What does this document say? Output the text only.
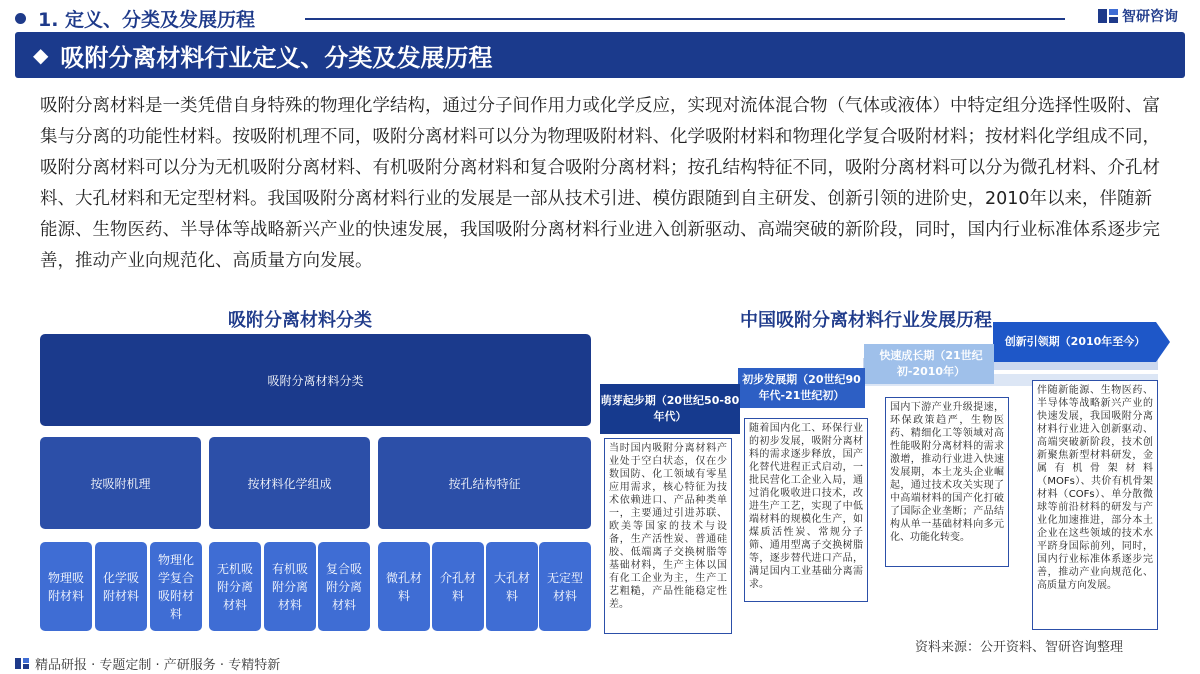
1. 定义、分类及发展历程	智研咨询
◆ 吸附分离材料行业定义、分类及发展历程
吸附分离材料是一类凭借自身特殊的物理化学结构，通过分子间作用力或化学反应，实现对流体混合物（气体或液体）中特定组分选择性吸附、富集与分离的功能性材料。按吸附机理不同，吸附分离材料可以分为物理吸附材料、化学吸附材料和物理化学复合吸附材料；按材料化学组成不同，吸附分离材料可以分为无机吸附分离材料、有机吸附分离材料和复合吸附分离材料；按孔结构特征不同，吸附分离材料可以分为微孔材料、介孔材料、大孔材料和无定型材料。我国吸附分离材料行业的发展是一部从技术引进、模仿跟随到自主研发、创新引领的进阶史，2010年以来，伴随新能源、生物医药、半导体等战略新兴产业的快速发展，我国吸附分离材料行业进入创新驱动、高端突破的新阶段，同时，国内行业标准体系逐步完善，推动产业向规范化、高质量方向发展。
吸附分离材料分类
吸附分离材料分类
按吸附机理	按材料化学组成	按孔结构特征
物理吸附材料
化学吸附材料
物理化学复合吸附材料
无机吸附分离材料
有机吸附分离材料
复合吸附分离材料
微孔材料
介孔材料
大孔材料
无定型材料
中国吸附分离材料行业发展历程
萌芽起步期（20世纪50-80年代）
初步发展期（20世纪90年代-21世纪初）
快速成长期（21世纪初-2010年）
创新引领期（2010年至今）
当时国内吸附分离材料产业处于空白状态，仅在少数国防、化工领域有零星应用需求，核心特征为技术依赖进口、产品种类单一，主要通过引进苏联、欧美等国家的技术与设备，生产活性炭、普通硅胶、低端离子交换树脂等基础材料，生产主体以国有化工企业为主，生产工艺粗糙，产品性能稳定性差。
随着国内化工、环保行业的初步发展，吸附分离材料的需求逐步释放，国产化替代进程正式启动，一批民营化工企业入局，通过消化吸收进口技术，改进生产工艺，实现了中低端材料的规模化生产，如煤质活性炭、常规分子筛、通用型离子交换树脂等，逐步替代进口产品，满足国内工业基础分离需求。
国内下游产业升级提速，环保政策趋严，生物医药、精细化工等领域对高性能吸附分离材料的需求激增，推动行业进入快速发展期，本土龙头企业崛起，通过技术攻关实现了中高端材料的国产化打破了国际企业垄断；产品结构从单一基础材料向多元化、功能化转变。
伴随新能源、生物医药、半导体等战略新兴产业的快速发展，我国吸附分离材料行业进入创新驱动、高端突破新阶段，技术创新聚焦新型材料研发，金属有机骨架材料（MOFs）、共价有机骨架材料（COFs）、单分散微球等前沿材料的研发与产业化加速推进，部分本土企业在这些领域的技术水平跻身国际前列，同时，国内行业标准体系逐步完善，推动产业向规范化、高质量方向发展。
资料来源：公开资料、智研咨询整理
精品研报 · 专题定制 · 产研服务 · 专精特新
